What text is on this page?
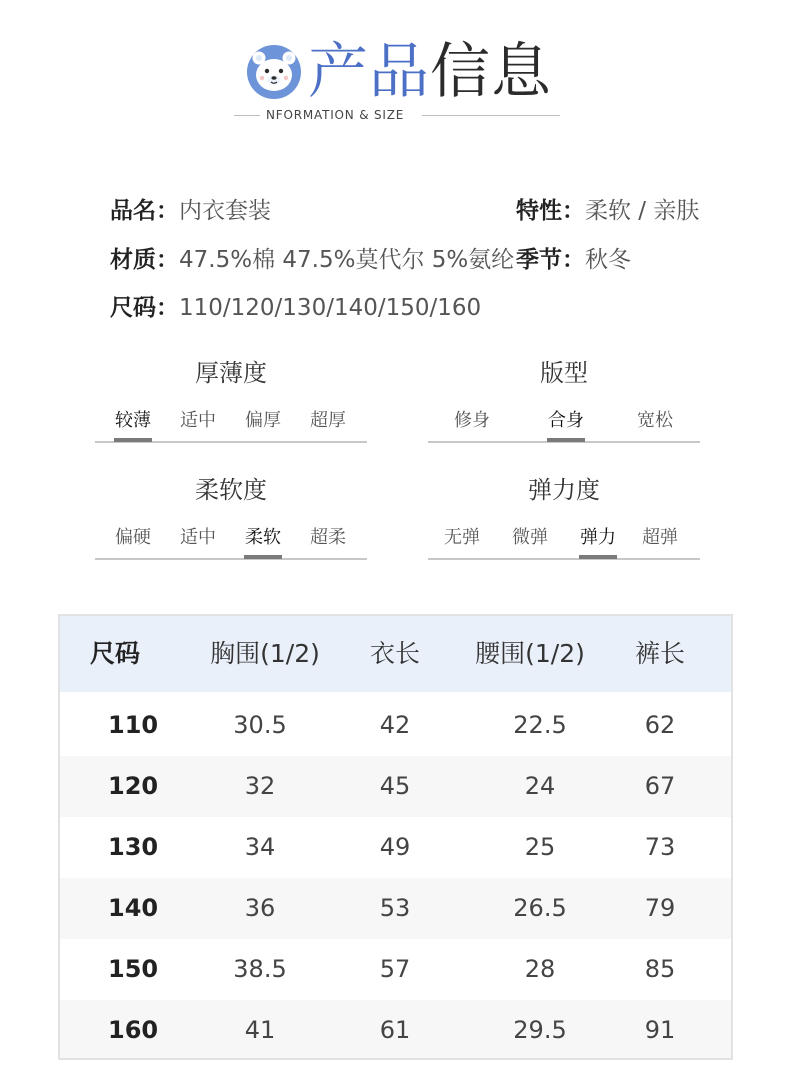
产品信息
NFORMATION & SIZE
品名：内衣套装	特性：柔软 / 亲肤
材质：47.5%棉 47.5%莫代尔 5%氨纶 季节：秋冬
尺码：110/120/130/140/150/160
厚薄度
较薄	适中	偏厚	超厚
版型
修身	合身	宽松
柔软度
偏硬	适中	柔软	超柔
弹力度
无弹	微弹	弹力	超弹
尺码	胸围(1/2)	衣长	腰围(1/2)	裤长
110	30.5	42	22.5	62
120	32	45	24	67
130	34	49	25	73
140	36	53	26.5	79
150	38.5	57	28	85
160	41	61	29.5	91
